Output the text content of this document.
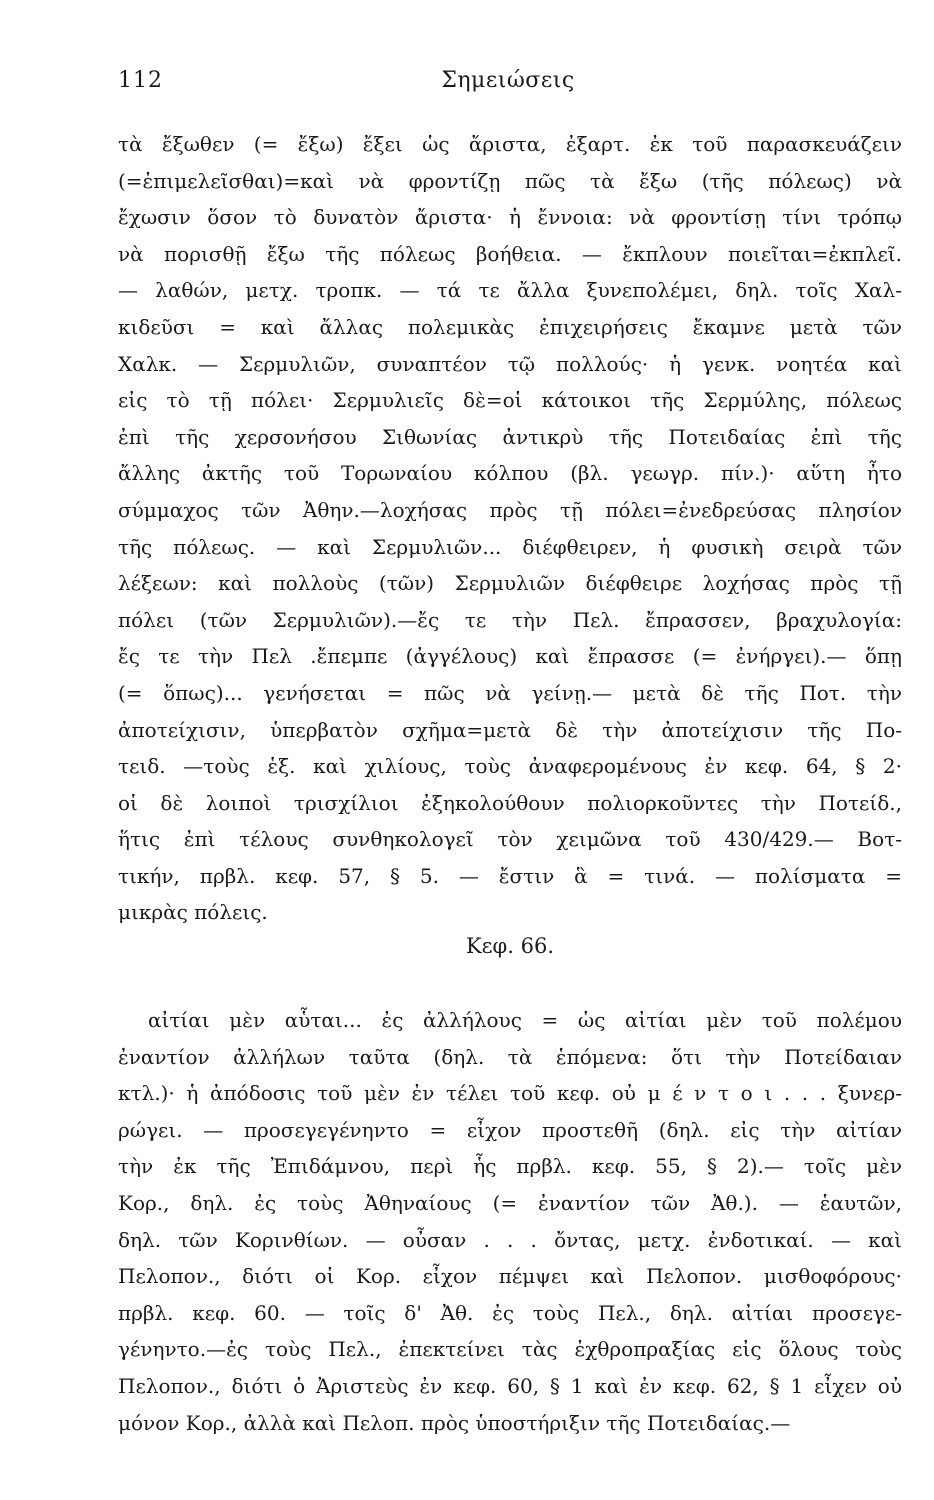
112	Σημειώσεις
τὰ ἔξωθεν (= ἔξω) ἔξει ὡς ἄριστα, ἐξαρτ. ἐκ τοῦ παρασκευάζειν
(=ἐπιμελεῖσθαι)=καὶ νὰ φροντίζῃ πῶς τὰ ἔξω (τῆς πόλεως) νὰ
ἔχωσιν ὅσον τὸ δυνατὸν ἄριστα· ἡ ἔννοια: νὰ φροντίσῃ τίνι τρόπῳ
νὰ πορισθῇ ἔξω τῆς πόλεως βοήθεια. — ἔκπλουν ποιεῖται=ἐκπλεῖ.
— λαθών, μετχ. τροπκ. — τά τε ἄλλα ξυνεπολέμει, δηλ. τοῖς Χαλ-
κιδεῦσι = καὶ ἄλλας πολεμικὰς ἐπιχειρήσεις ἔκαμνε μετὰ τῶν
Χαλκ. — Σερμυλιῶν, συναπτέον τῷ πολλούς· ἡ γενκ. νοητέα καὶ
εἰς τὸ τῇ πόλει· Σερμυλιεῖς δὲ=οἱ κάτοικοι τῆς Σερμύλης, πόλεως
ἐπὶ τῆς χερσονήσου Σιθωνίας ἀντικρὺ τῆς Ποτειδαίας ἐπὶ τῆς
ἄλλης ἀκτῆς τοῦ Τορωναίου κόλπου (βλ. γεωγρ. πίν.)· αὕτη ἦτο
σύμμαχος τῶν Ἀθην.—λοχήσας πρὸς τῇ πόλει=ἐνεδρεύσας πλησίον
τῆς πόλεως. — καὶ Σερμυλιῶν... διέφθειρεν, ἡ φυσικὴ σειρὰ τῶν
λέξεων: καὶ πολλοὺς (τῶν) Σερμυλιῶν διέφθειρε λοχήσας πρὸς τῇ
πόλει (τῶν Σερμυλιῶν).—ἔς τε τὴν Πελ. ἔπρασσεν, βραχυλογία:
ἔς τε τὴν Πελ .ἔπεμπε (ἀγγέλους) καὶ ἔπρασσε (= ἐνήργει).— ὅπῃ
(= ὅπως)... γενήσεται = πῶς νὰ γείνῃ.— μετὰ δὲ τῆς Ποτ. τὴν
ἀποτείχισιν, ὑπερβατὸν σχῆμα=μετὰ δὲ τὴν ἀποτείχισιν τῆς Πο-
τειδ. —τοὺς ἑξ. καὶ χιλίους, τοὺς ἀναφερομένους ἐν κεφ. 64, § 2·
οἱ δὲ λοιποὶ τρισχίλιοι ἐξηκολούθουν πολιορκοῦντες τὴν Ποτείδ.,
ἥτις ἐπὶ τέλους συνθηκολογεῖ τὸν χειμῶνα τοῦ 430/429.— Βοτ-
τικήν, πρβλ. κεφ. 57, § 5. — ἔστιν ἃ = τινά. — πολίσματα =
μικρὰς πόλεις.
Κεφ. 66.
αἰτίαι μὲν αὗται... ἐς ἀλλήλους = ὡς αἰτίαι μὲν τοῦ πολέμου
ἐναντίον ἀλλήλων ταῦτα (δηλ. τὰ ἑπόμενα: ὅτι τὴν Ποτείδαιαν
κτλ.)· ἡ ἀπόδοσις τοῦ μὲν ἐν τέλει τοῦ κεφ. οὐ μ έ ν τ ο ι . . . ξυνερ-
ρώγει. — προσεγεγένηντο = εἶχον προστεθῆ (δηλ. εἰς τὴν αἰτίαν
τὴν ἐκ τῆς Ἐπιδάμνου, περὶ ἧς πρβλ. κεφ. 55, § 2).— τοῖς μὲν
Κορ., δηλ. ἐς τοὺς Ἀθηναίους (= ἐναντίον τῶν Ἀθ.). — ἑαυτῶν,
δηλ. τῶν Κορινθίων. — οὖσαν . . . ὄντας, μετχ. ἐνδοτικαί. — καὶ
Πελοπον., διότι οἱ Κορ. εἶχον πέμψει καὶ Πελοπον. μισθοφόρους·
πρβλ. κεφ. 60. — τοῖς δ' Ἀθ. ἐς τοὺς Πελ., δηλ. αἰτίαι προσεγε-
γένηντο.—ἐς τοὺς Πελ., ἐπεκτείνει τὰς ἐχθροπραξίας εἰς ὅλους τοὺς
Πελοπον., διότι ὁ Ἀριστεὺς ἐν κεφ. 60, § 1 καὶ ἐν κεφ. 62, § 1 εἶχεν οὐ
μόνον Κορ., ἀλλὰ καὶ Πελοπ. πρὸς ὑποστήριξιν τῆς Ποτειδαίας.—
